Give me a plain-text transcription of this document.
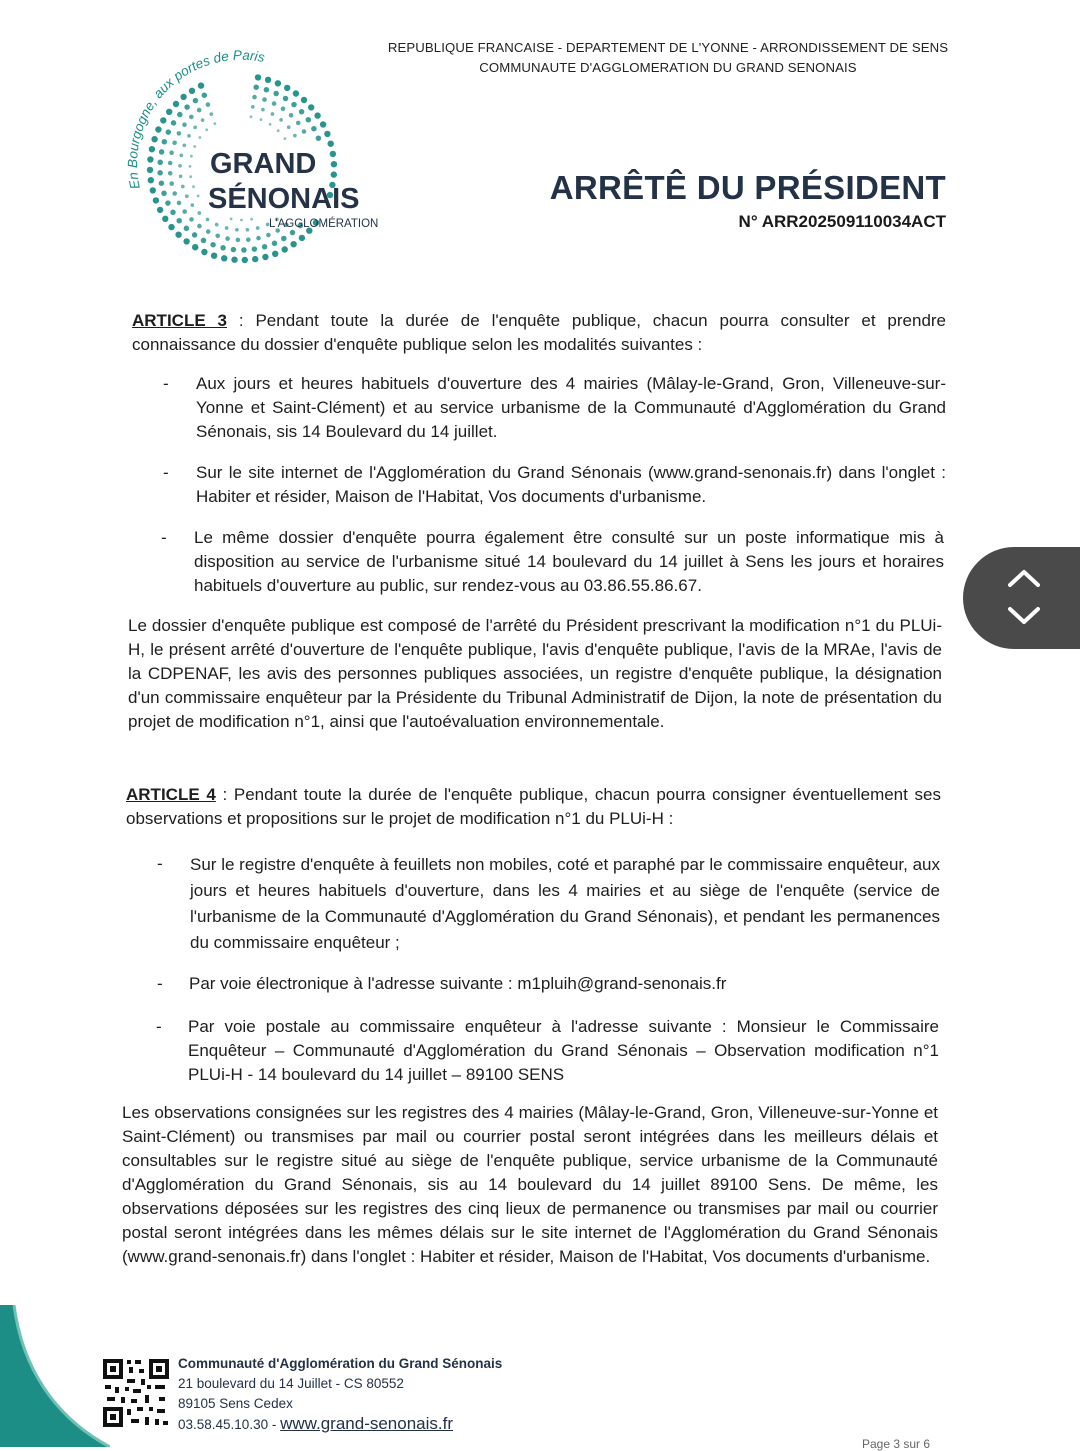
REPUBLIQUE FRANCAISE - DEPARTEMENT DE L'YONNE - ARRONDISSEMENT DE SENS
COMMUNAUTE D'AGGLOMERATION DU GRAND SENONAIS
En Bourgogne, aux portes de Paris
GRAND
SÉNONAIS
L'AGGLOMÉRATION
ARRÊTÊ DU PRÉSIDENT
N° ARR202509110034ACT

ARTICLE 3 : Pendant toute la durée de l'enquête publique, chacun pourra consulter et prendre connaissance du dossier d'enquête publique selon les modalités suivantes :

- Aux jours et heures habituels d'ouverture des 4 mairies (Mâlay-le-Grand, Gron, Villeneuve-sur-Yonne et Saint-Clément) et au service urbanisme de la Communauté d'Agglomération du Grand Sénonais, sis 14 Boulevard du 14 juillet.
- Sur le site internet de l'Agglomération du Grand Sénonais (www.grand-senonais.fr) dans l'onglet : Habiter et résider, Maison de l'Habitat, Vos documents d'urbanisme.
- Le même dossier d'enquête pourra également être consulté sur un poste informatique mis à disposition au service de l'urbanisme situé 14 boulevard du 14 juillet à Sens les jours et horaires habituels d'ouverture au public, sur rendez-vous au 03.86.55.86.67.
Le dossier d'enquête publique est composé de l'arrêté du Président prescrivant la modification n°1 du PLUi-H, le présent arrêté d'ouverture de l'enquête publique, l'avis d'enquête publique, l'avis de la MRAe, l'avis de la CDPENAF, les avis des personnes publiques associées, un registre d'enquête publique, la désignation d'un commissaire enquêteur par la Présidente du Tribunal Administratif de Dijon, la note de présentation du projet de modification n°1, ainsi que l'autoévaluation environnementale.

ARTICLE 4 : Pendant toute la durée de l'enquête publique, chacun pourra consigner éventuellement ses observations et propositions sur le projet de modification n°1 du PLUi-H :

- Sur le registre d'enquête à feuillets non mobiles, coté et paraphé par le commissaire enquêteur, aux jours et heures habituels d'ouverture, dans les 4 mairies et au siège de l'enquête (service de l'urbanisme de la Communauté d'Agglomération du Grand Sénonais), et pendant les permanences du commissaire enquêteur ;
- Par voie électronique à l'adresse suivante : m1pluih@grand-senonais.fr
- Par voie postale au commissaire enquêteur à l'adresse suivante : Monsieur le Commissaire Enquêteur – Communauté d'Agglomération du Grand Sénonais – Observation modification n°1 PLUi-H - 14 boulevard du 14 juillet – 89100 SENS
Les observations consignées sur les registres des 4 mairies (Mâlay-le-Grand, Gron, Villeneuve-sur-Yonne et Saint-Clément) ou transmises par mail ou courrier postal seront intégrées dans les meilleurs délais et consultables sur le registre situé au siège de l'enquête publique, service urbanisme de la Communauté d'Agglomération du Grand Sénonais, sis au 14 boulevard du 14 juillet 89100 Sens. De même, les observations déposées sur les registres des cinq lieux de permanence ou transmises par mail ou courrier postal seront intégrées dans les mêmes délais sur le site internet de l'Agglomération du Grand Sénonais (www.grand-senonais.fr) dans l'onglet : Habiter et résider, Maison de l'Habitat, Vos documents d'urbanisme.
Communauté d'Agglomération du Grand Sénonais
21 boulevard du 14 Juillet - CS 80552
89105 Sens Cedex
03.58.45.10.30 - www.grand-senonais.fr
Page 3 sur 6
